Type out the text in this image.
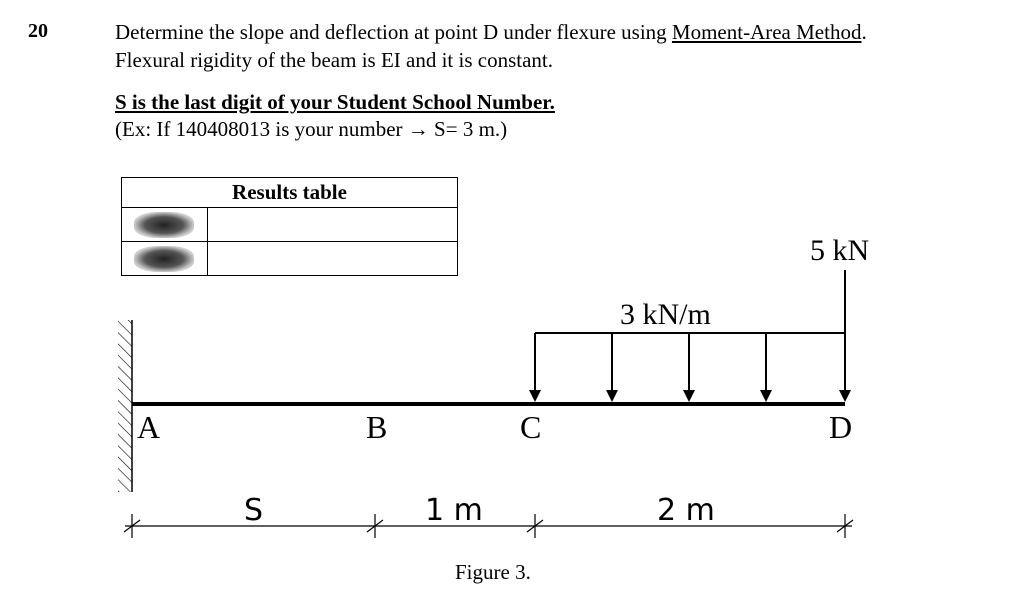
20	Determine the slope and deflection at point D under flexure using Moment-Area Method.
Flexural rigidity of the beam is EI and it is constant.
S is the last digit of your Student School Number.
(Ex: If 140408013 is your number → S= 3 m.)
Results table	

5 kN
3 kN/m
A	B	C	D
S	1 m	2 m
Figure 3.
